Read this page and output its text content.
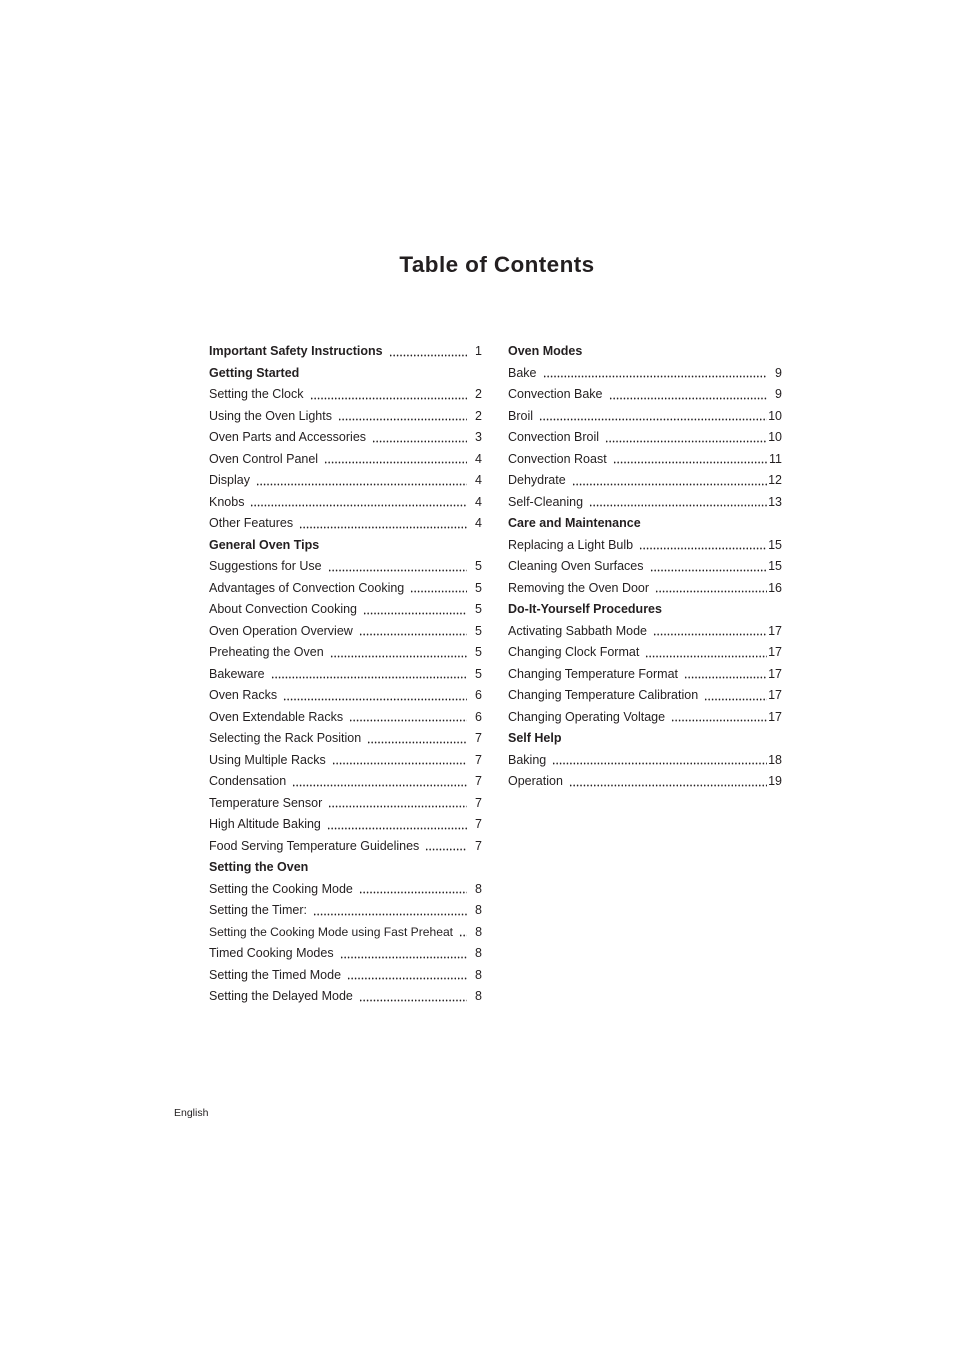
Table of Contents
Important Safety Instructions	1
Getting Started
Setting the Clock	2
Using the Oven Lights	2
Oven Parts and Accessories	3
Oven Control Panel	4
Display	4
Knobs	4
Other Features	4
General Oven Tips
Suggestions for Use	5
Advantages of Convection Cooking	5
About Convection Cooking	5
Oven Operation Overview	5
Preheating the Oven	5
Bakeware	5
Oven Racks	6
Oven Extendable Racks	6
Selecting the Rack Position	7
Using Multiple Racks	7
Condensation	7
Temperature Sensor	7
High Altitude Baking	7
Food Serving Temperature Guidelines	7
Setting the Oven
Setting the Cooking Mode	8
Setting the Timer:	8
Setting the Cooking Mode using Fast Preheat	8
Timed Cooking Modes	8
Setting the Timed Mode	8
Setting the Delayed Mode	8
Oven Modes
Bake	9
Convection Bake	9
Broil	10
Convection Broil	10
Convection Roast	11
Dehydrate	12
Self-Cleaning	13
Care and Maintenance
Replacing a Light Bulb	15
Cleaning Oven Surfaces	15
Removing the Oven Door	16
Do-It-Yourself Procedures
Activating Sabbath Mode	17
Changing Clock Format	17
Changing Temperature Format	17
Changing Temperature Calibration	17
Changing Operating Voltage	17
Self Help
Baking	18
Operation	19
English
